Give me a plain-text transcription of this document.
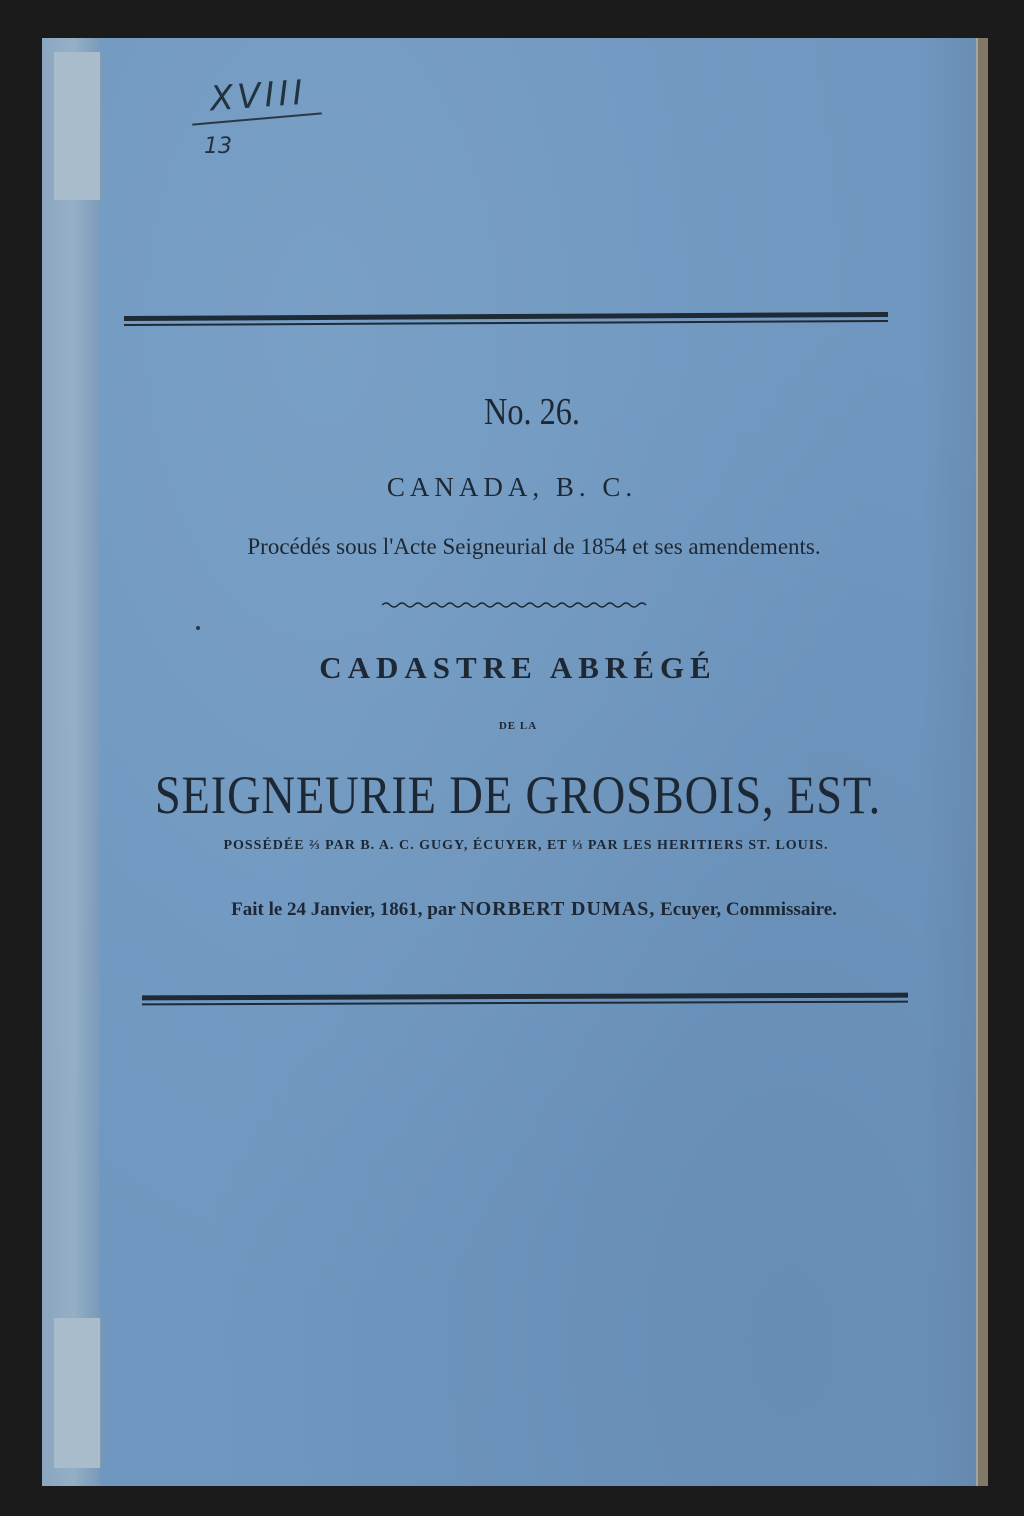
XVIII
13
No. 26.
CANADA, B. C.
Procédés sous l'Acte Seigneurial de 1854 et ses amendements.
CADASTRE ABRÉGÉ
DE LA
SEIGNEURIE DE GROSBOIS, EST.
POSSÉDÉE ⅔ PAR B. A. C. GUGY, ÉCUYER, ET ⅓ PAR LES HERITIERS ST. LOUIS.
Fait le 24 Janvier, 1861, par NORBERT DUMAS, Ecuyer, Commissaire.
